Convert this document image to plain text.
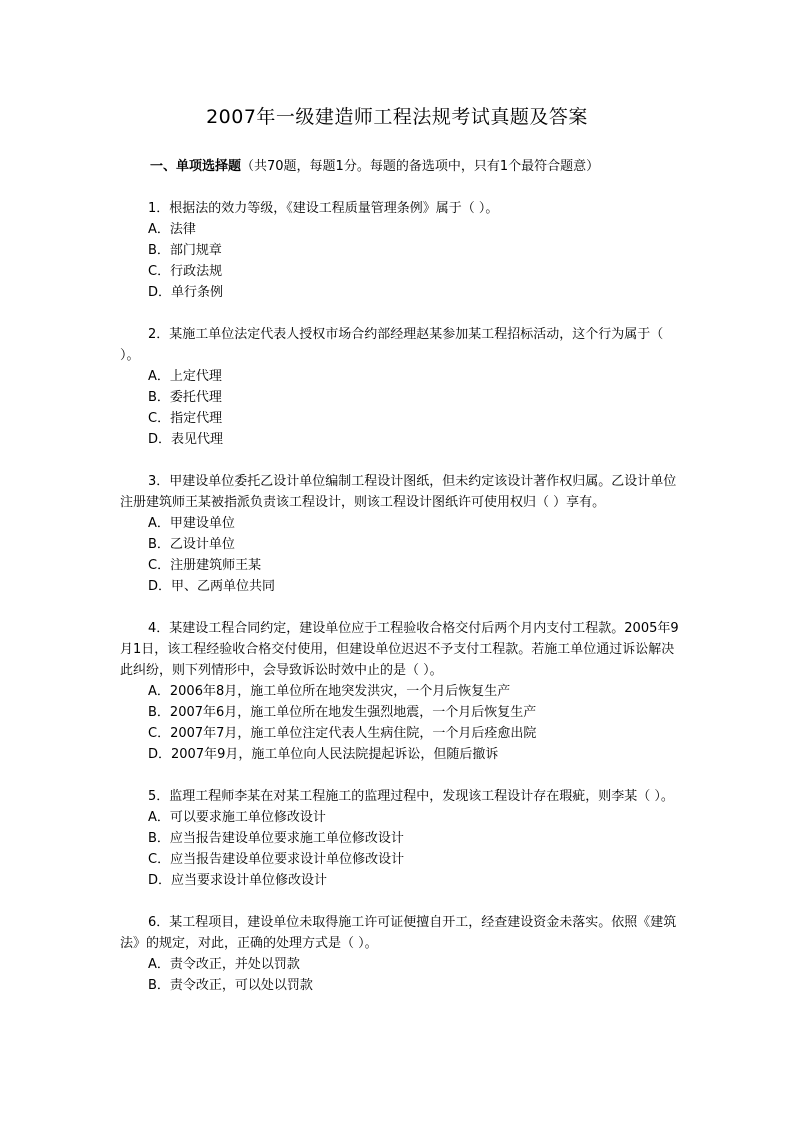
2007年一级建造师工程法规考试真题及答案
一、单项选择题（共70题，每题1分。每题的备选项中，只有1个最符合题意）

1．根据法的效力等级，《建设工程质量管理条例》属于（ ）。

A．法律

B．部门规章

C．行政法规

D．单行条例

2．某施工单位法定代表人授权市场合约部经理赵某参加某工程招标活动，这个行为属于（ ）。

A．上定代理

B．委托代理

C．指定代理

D．表见代理

3．甲建设单位委托乙设计单位编制工程设计图纸，但未约定该设计著作权归属。乙设计单位注册建筑师王某被指派负责该工程设计，则该工程设计图纸许可使用权归（ ）享有。

A．甲建设单位

B．乙设计单位

C．注册建筑师王某

D．甲、乙两单位共同

4．某建设工程合同约定，建设单位应于工程验收合格交付后两个月内支付工程款。2005年9月1日，该工程经验收合格交付使用，但建设单位迟迟不予支付工程款。若施工单位通过诉讼解决此纠纷，则下列情形中，会导致诉讼时效中止的是（ ）。

A．2006年8月，施工单位所在地突发洪灾，一个月后恢复生产

B．2007年6月，施工单位所在地发生强烈地震，一个月后恢复生产

C．2007年7月，施工单位注定代表人生病住院，一个月后痊愈出院

D．2007年9月，施工单位向人民法院提起诉讼，但随后撤诉

5．监理工程师李某在对某工程施工的监理过程中，发现该工程设计存在瑕疵，则李某（ ）。

A．可以要求施工单位修改设计

B．应当报告建设单位要求施工单位修改设计

C．应当报告建设单位要求设计单位修改设计

D．应当要求设计单位修改设计

6．某工程项目，建设单位未取得施工许可证便擅自开工，经查建设资金未落实。依照《建筑法》的规定，对此，正确的处理方式是（ ）。

A．责令改正，并处以罚款

B．责令改正，可以处以罚款
